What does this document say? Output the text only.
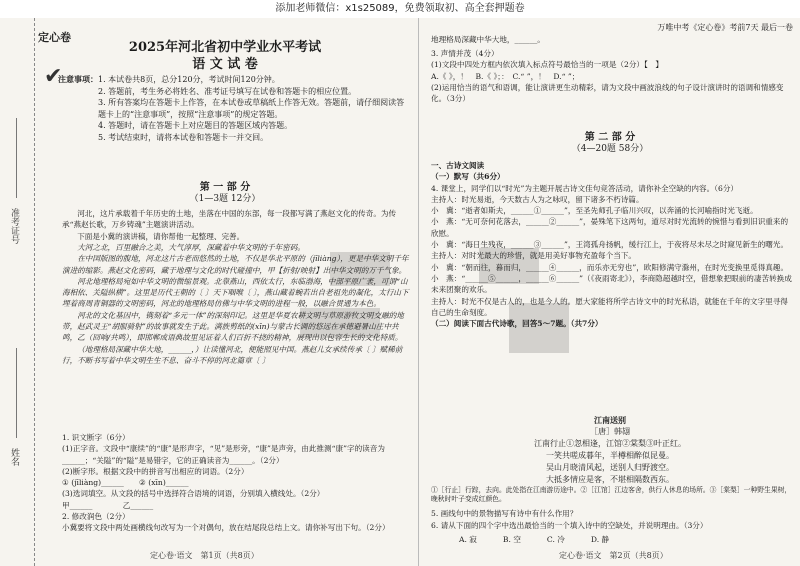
添加老师微信：x1s25089，免费领取初、高全套押题卷
准考证号
姓名
定心卷
✔
2025年河北省初中学业水平考试
语 文 试 卷
注意事项： 1. 本试卷共8页，总分120分，考试时间120分钟。
2. 答题前，考生务必将姓名、准考证号填写在试卷和答题卡的相应位置。
3. 所有答案均在答题卡上作答，在本试卷或草稿纸上作答无效。答题前，请仔细阅读答题卡上的“注意事项”，按照“注意事项”的规定答题。
4. 答题时，请在答题卡上对应题目的答题区域内答题。
5. 考试结束时，请将本试卷和答题卡一并交回。
第 一 部 分
（1—3题 12分）

河北，这片承载着千年历史的土地，坐落在中国的东部，每一段都写满了燕赵文化的传奇。为传承“燕赵长歌，万乡铸魂”主题演讲活动。

下面是小冀的演讲稿，请你帮他一起整理、完善。

大河之北，百里融合之美，大气淳厚，深藏着中华文明的千年密码。

在中国版图的腹地，河北这片古老而悠然的土地，不仅是华北平原的（jīliàng），更是中华文明千年演进的缩影。燕赵文化密码，藏于地理与文化的时代碰撞中，甲【折射/映射】出中华文明的万千气象。

河北地理格局宛如中华文明的微缩景观。北靠燕山，西依太行，东临渤海，中部平原广袤，可谓“山海相依、关隘纵横”。这里是历代王朝的〔 〕天下咽喉〔 〕，燕山藏着蜿若出自老祖先的凝化，太行山下埋着商周青铜器的文明密码，河北的地理格局仿佛与中华文明的进程一般，以融合贯通为本色。

河北的文化基因中，镌刻着“多元一体”的深刻印记。这里是华夏农耕文明与草原游牧文明交融的地带，赵武灵王“胡服骑射”的故事就发生于此。满族剪纸的(xīn)与蒙古长调的悠远在承德避暑山庄中共鸣，乙（回响/共鸣），即邯郸成语典故里见证着人们百折不挠的精神，展现出以包容生长的文化特质。

（地理格局深藏中华大地，______，）让读懂河北，便能照见中国。燕赵儿女承续传承〔 〕赋稀前行，不断书写着中华文明生生不息、奋斗不停的河北篇章〔 〕

1. 识文断字（6分）
(1)正字音。文段中“康续”的“康”是形声字，“见”是形旁，“康”是声旁，由此推测“康”字的读音为______；“关隘”的“隘”是易错字，它的正确读音为______。（2分）
(2)断字形。根据文段中的拼音写出相应的词语。（2分）
① (jīliàng)______　　② (xīn)______
(3)选词填空。从文段的括号中选择符合语境的词语，分别填入横线处。（2分）
甲______　　　　乙______
2. 修改润色（2分）
小冀要将文段中两处画横线句改写为一个对偶句，放在结尾段总结上文。请你补写出下句。（2分）
定心卷·语文　第1页（共8页）
万唯中考《定心卷》考前7天 最后一卷
地理格局深藏中华大地，______。
3. 声情并茂（4分）
(1)文段中四处方框内依次填入标点符号最恰当的一项是（2分）【　】
A.《 》，！　B.《 》；：　C.“ ”，！　D.“ ”；
(2)运用恰当的语气和语调，能让演讲更生动精彩，请为文段中画波浪线的句子设计演讲时的语调和情感变化。（3分）
第 二 部 分
（4—20题 58分）
一、古诗文阅读
（一）默写（共6分）
4. 课堂上，同学们以“时光”为主题开展古诗文佳句竞答活动，请你补全空缺的内容。（6分）
主持人：时光易逝，今天数古人为之咏叹，留下诸多不朽诗篇。
小　冀：“逝者如斯夫，______①______”，至圣先师孔子临川兴叹，以奔涌的长河喻指时光飞逝。
小　燕：“无可奈何花落去，______②______”，晏殊笔下这两句，道尽对时光流转的惋惜与看到旧识重来的欣慰。
小　冀：“海日生残夜，______③______”，王湾孤舟扬帆，缓行江上，于夜将尽未尽之时窥见新生的曙光。
主持人：对时光最大的珍惜，就是用美好事物充盈每个当下。
小　冀：“朝而往，暮而归，______④______，而乐亦无穷也”，欧阳修满守滁州，在时光变换里觅得真趣。
小　燕：“______⑤______，______⑥______”（《夜雨寄北》），李商隐超越时空，借想象把眼前的凄苦转换成未来团聚的欢乐。
主持人：时光不仅是古人的，也是今人的。愿大家能将所学古诗文中的时光私语，就能在千年的文字里寻得自己的生命刻度。
（二）阅读下面古代诗歌，回答5～7题。（共7分）
江南送别
［唐］韩翃
江南行止①忽相逢，江馆②棠梨③叶正红。
一笑共嗟成暮年，半樽相醉似昆曼。
吴山月晓清风起，送别人归野渡空。
大抵多情应是客，不堪相隔数西东。
①［行止］行踪，去向。此处指在江南游历途中。②［江馆］江边客舍，供行人休息的场所。③［棠梨］一种野生果树，晚秋时叶子变成红颜色。
5. 画线句中的景物描写有诗中有什么作用？
6. 请从下面的四个字中选出最恰当的一个填入诗中的空缺处，并说明理由。（3分）
A. 寂	B. 空	C. 冷	D. 静
定心卷·语文　第2页（共8页）
